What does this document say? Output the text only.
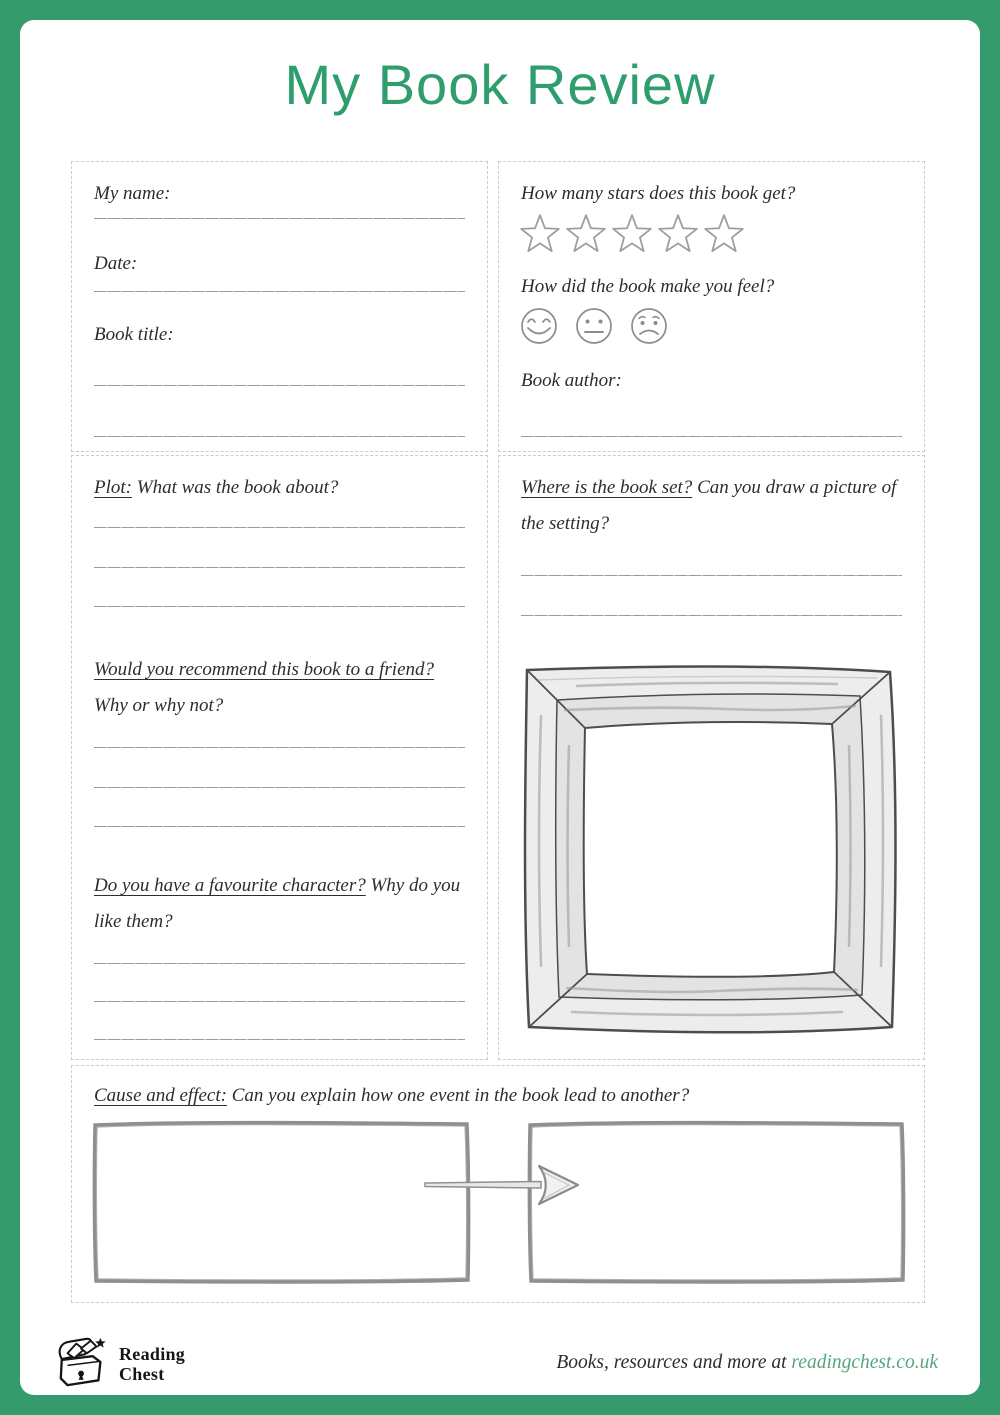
My Book Review
My name:
Date:
Book title:
How many stars does this book get?
How did the book make you feel?
Book author:
Plot: What was the book about?
Would you recommend this book to a friend? Why or why not?
Do you have a favourite character? Why do you like them?
Where is the book set? Can you draw a picture of the setting?
Cause and effect: Can you explain how one event in the book lead to another?
Reading
Chest
Books, resources and more at readingchest.co.uk
